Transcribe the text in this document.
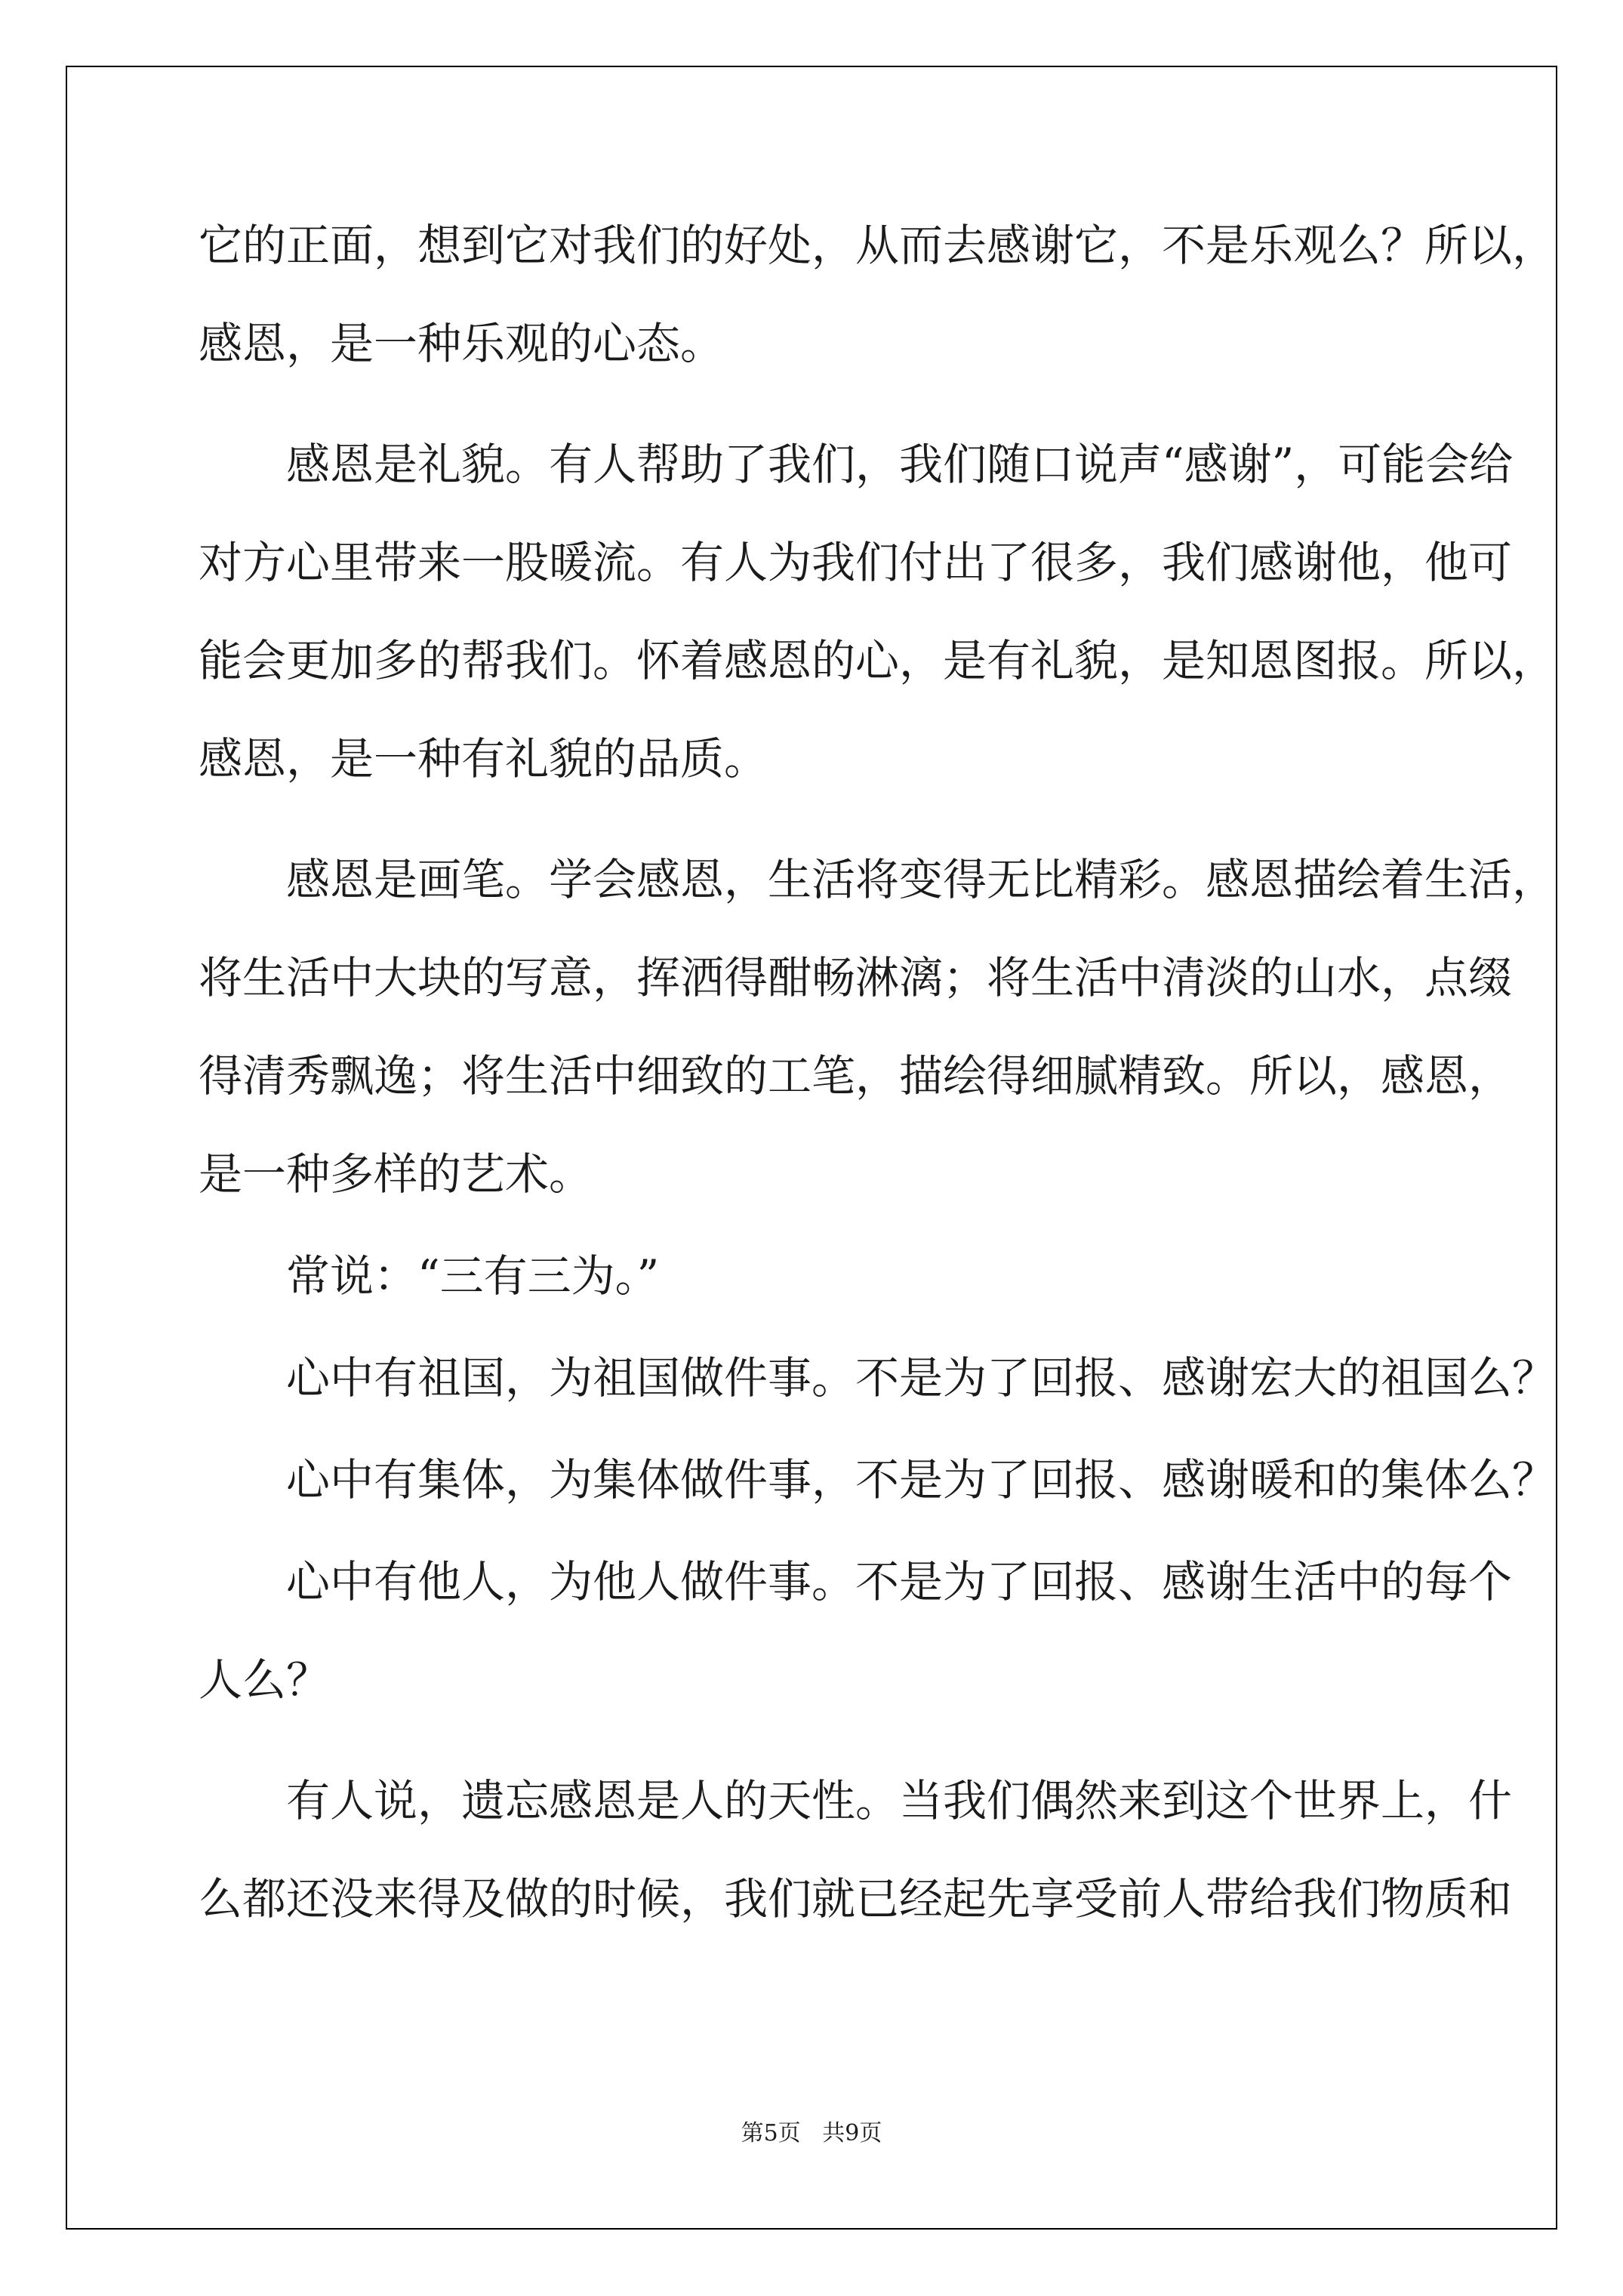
它的正面，想到它对我们的好处，从而去感谢它，不是乐观么？所以，

感恩，是一种乐观的心态。

感恩是礼貌。有人帮助了我们，我们随口说声“感谢”，可能会给

对方心里带来一股暖流。有人为我们付出了很多，我们感谢他，他可

能会更加多的帮我们。怀着感恩的心，是有礼貌，是知恩图报。所以，

感恩，是一种有礼貌的品质。

感恩是画笔。学会感恩，生活将变得无比精彩。感恩描绘着生活，

将生活中大块的写意，挥洒得酣畅淋漓；将生活中清淡的山水，点缀

得清秀飘逸；将生活中细致的工笔，描绘得细腻精致。所以，感恩，

是一种多样的艺术。

常说：“三有三为。”

心中有祖国，为祖国做件事。不是为了回报、感谢宏大的祖国么？

心中有集体，为集体做件事，不是为了回报、感谢暖和的集体么？

心中有他人，为他人做件事。不是为了回报、感谢生活中的每个

人么？

有人说，遗忘感恩是人的天性。当我们偶然来到这个世界上，什

么都还没来得及做的时候，我们就已经起先享受前人带给我们物质和

第5页   共9页
